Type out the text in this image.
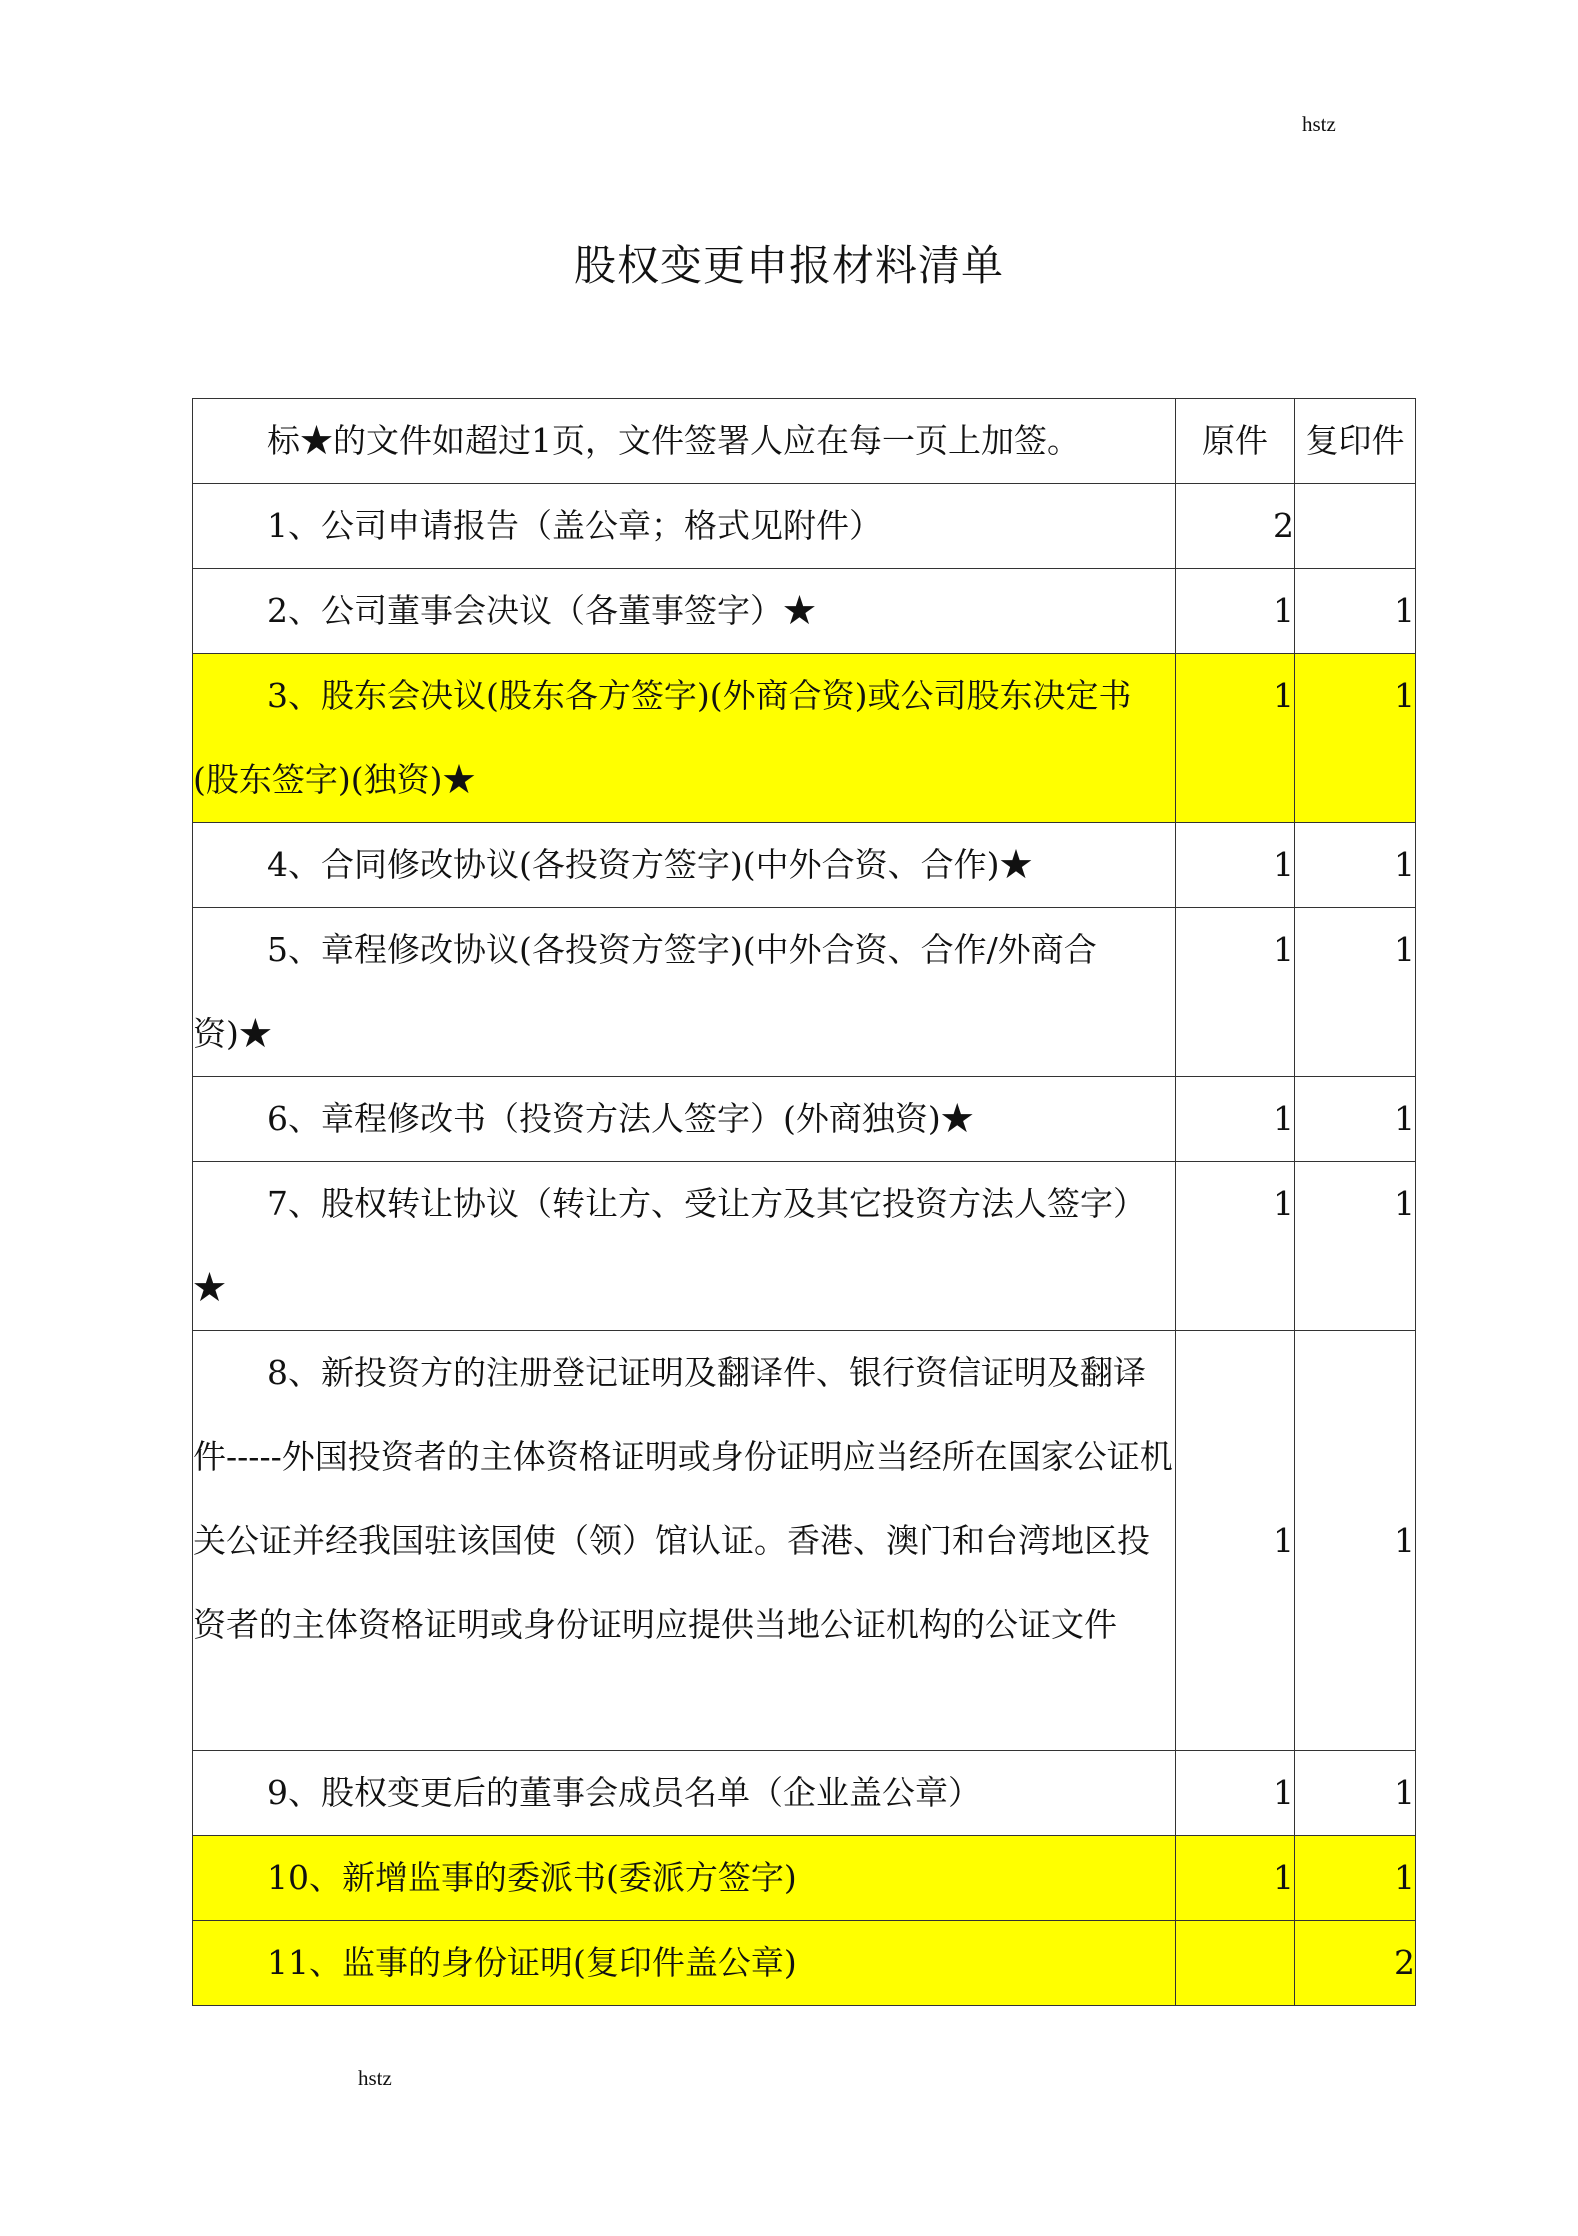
hstz
股权变更申报材料清单
标★的文件如超过1页，文件签署人应在每一页上加签。	原件	复印件

1、公司申请报告（盖公章；格式见附件）	2	

2、公司董事会决议（各董事签字）★	1	1

3、股东会决议(股东各方签字)(外商合资)或公司股东决定书(股东签字)(独资)★	1	1

4、合同修改协议(各投资方签字)(中外合资、合作)★	1	1

5、章程修改协议(各投资方签字)(中外合资、合作/外商合资)★	1	1

6、章程修改书（投资方法人签字）(外商独资)★	1	1

7、股权转让协议（转让方、受让方及其它投资方法人签字）★	1	1

8、新投资方的注册登记证明及翻译件、银行资信证明及翻译件-----外国投资者的主体资格证明或身份证明应当经所在国家公证机关公证并经我国驻该国使（领）馆认证。香港、澳门和台湾地区投资者的主体资格证明或身份证明应提供当地公证机构的公证文件	1	1

9、股权变更后的董事会成员名单（企业盖公章）	1	1

10、新增监事的委派书(委派方签字)	1	1

11、监事的身份证明(复印件盖公章)		2
hstz
